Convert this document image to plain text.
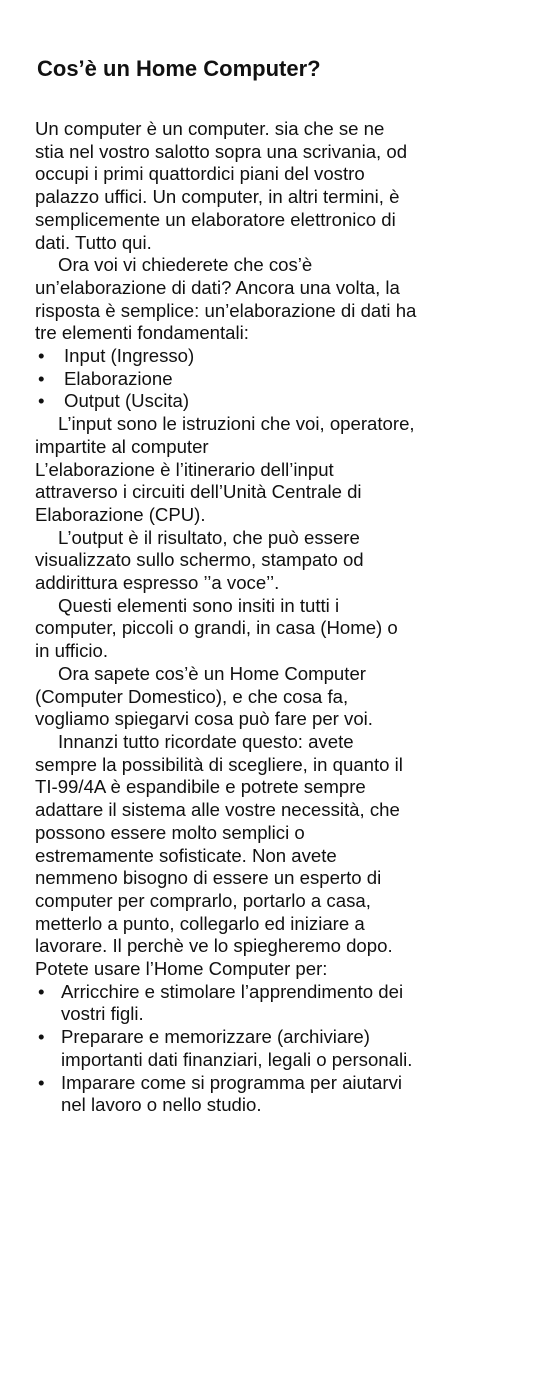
Cos’è un Home Computer?

Un computer è un computer. sia che se ne
stia nel vostro salotto sopra una scrivania, od
occupi i primi quattordici piani del vostro
palazzo uffici. Un computer, in altri termini, è
semplicemente un elaboratore elettronico di
dati. Tutto qui.

Ora voi vi chiederete che cos’è
un’elaborazione di dati? Ancora una volta, la
risposta è semplice: un’elaborazione di dati ha
tre elementi fondamentali:

• Input (Ingresso)
• Elaborazione
• Output (Uscita)

L’input sono le istruzioni che voi, operatore,
impartite al computer

L’elaborazione è l’itinerario dell’input
attraverso i circuiti dell’Unità Centrale di
Elaborazione (CPU).

L’output è il risultato, che può essere
visualizzato sullo schermo, stampato od
addirittura espresso ’’a voce’’.

Questi elementi sono insiti in tutti i
computer, piccoli o grandi, in casa (Home) o
in ufficio.

Ora sapete cos’è un Home Computer
(Computer Domestico), e che cosa fa,
vogliamo spiegarvi cosa può fare per voi.

Innanzi tutto ricordate questo: avete
sempre la possibilità di scegliere, in quanto il
TI-99/4A è espandibile e potrete sempre
adattare il sistema alle vostre necessità, che
possono essere molto semplici o
estremamente sofisticate. Non avete
nemmeno bisogno di essere un esperto di
computer per comprarlo, portarlo a casa,
metterlo a punto, collegarlo ed iniziare a
lavorare. Il perchè ve lo spiegheremo dopo.

Potete usare l’Home Computer per:

• Arricchire e stimolare l’apprendimento dei
vostri figli.
• Preparare e memorizzare (archiviare)
importanti dati finanziari, legali o personali.
• Imparare come si programma per aiutarvi
nel lavoro o nello studio.
